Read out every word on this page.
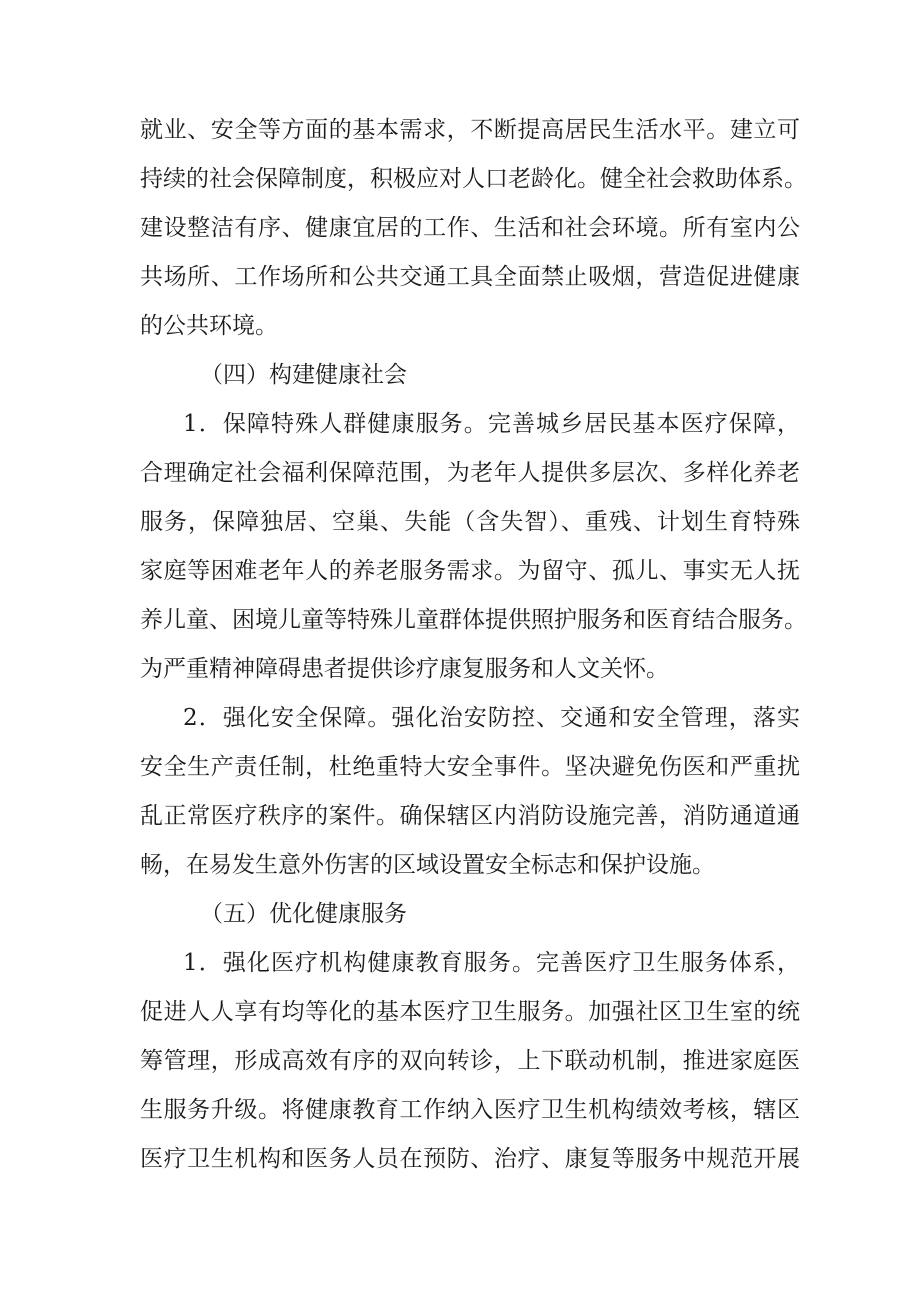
就业、安全等方面的基本需求，不断提高居民生活水平。建立可
持续的社会保障制度，积极应对人口老龄化。健全社会救助体系。
建设整洁有序、健康宜居的工作、生活和社会环境。所有室内公
共场所、工作场所和公共交通工具全面禁止吸烟，营造促进健康
的公共环境。
（四）构建健康社会
1．保障特殊人群健康服务。完善城乡居民基本医疗保障，
合理确定社会福利保障范围，为老年人提供多层次、多样化养老
服务，保障独居、空巢、失能（含失智）、重残、计划生育特殊
家庭等困难老年人的养老服务需求。为留守、孤儿、事实无人抚
养儿童、困境儿童等特殊儿童群体提供照护服务和医育结合服务。
为严重精神障碍患者提供诊疗康复服务和人文关怀。
2．强化安全保障。强化治安防控、交通和安全管理，落实
安全生产责任制，杜绝重特大安全事件。坚决避免伤医和严重扰
乱正常医疗秩序的案件。确保辖区内消防设施完善，消防通道通
畅，在易发生意外伤害的区域设置安全标志和保护设施。
（五）优化健康服务
1．强化医疗机构健康教育服务。完善医疗卫生服务体系，
促进人人享有均等化的基本医疗卫生服务。加强社区卫生室的统
筹管理，形成高效有序的双向转诊，上下联动机制，推进家庭医
生服务升级。将健康教育工作纳入医疗卫生机构绩效考核，辖区
医疗卫生机构和医务人员在预防、治疗、康复等服务中规范开展
